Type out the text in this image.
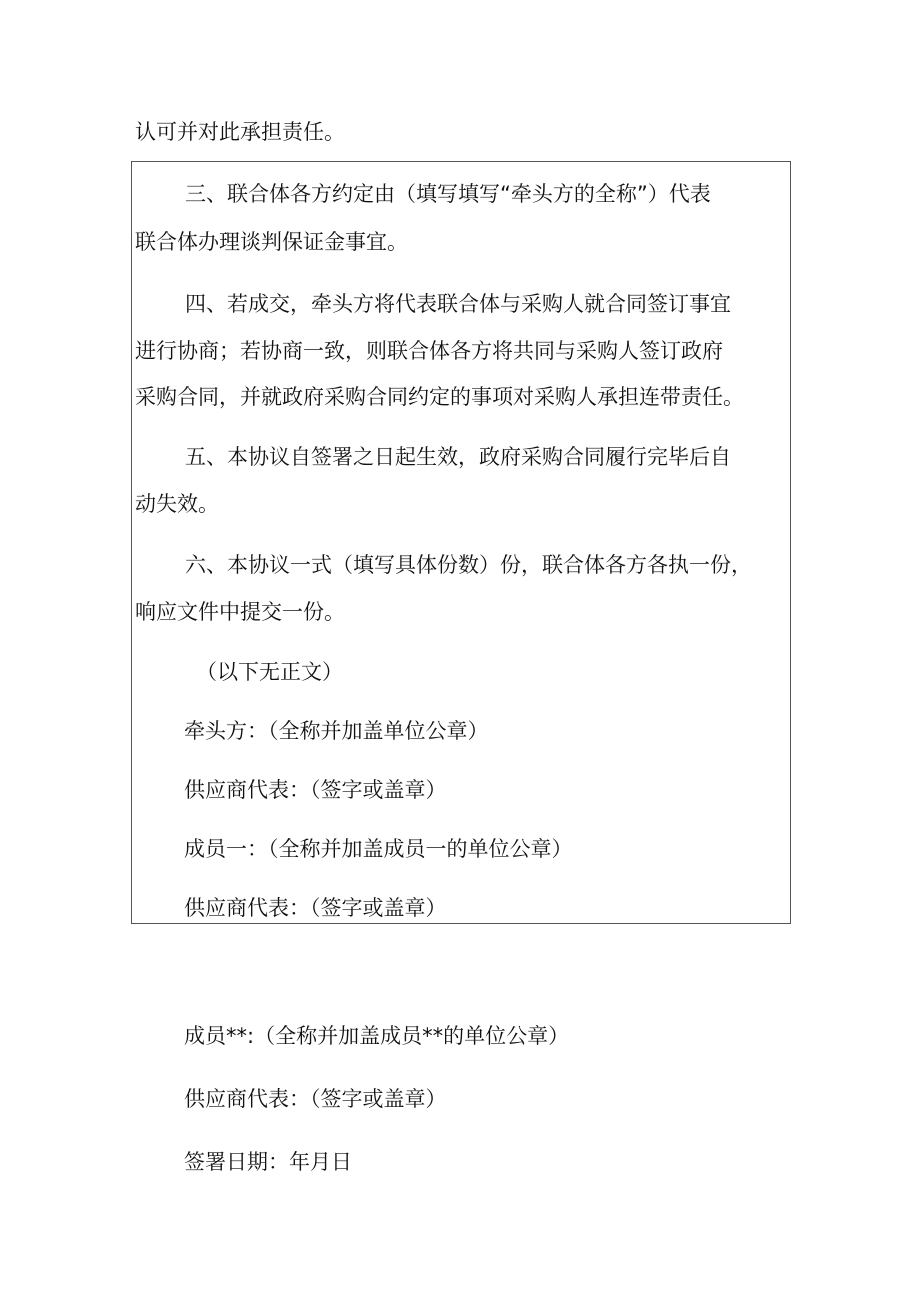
认可并对此承担责任。

三、联合体各方约定由（填写填写“牵头方的全称”）代表

联合体办理谈判保证金事宜。

四、若成交，牵头方将代表联合体与采购人就合同签订事宜

进行协商；若协商一致，则联合体各方将共同与采购人签订政府

采购合同，并就政府采购合同约定的事项对采购人承担连带责任。

五、本协议自签署之日起生效，政府采购合同履行完毕后自

动失效。

六、本协议一式（填写具体份数）份，联合体各方各执一份，

响应文件中提交一份。

（以下无正文）

牵头方：（全称并加盖单位公章）

供应商代表：（签字或盖章）

成员一：（全称并加盖成员一的单位公章）

供应商代表：（签字或盖章）

成员**:（全称并加盖成员**的单位公章）

供应商代表：（签字或盖章）

签署日期：年月日
